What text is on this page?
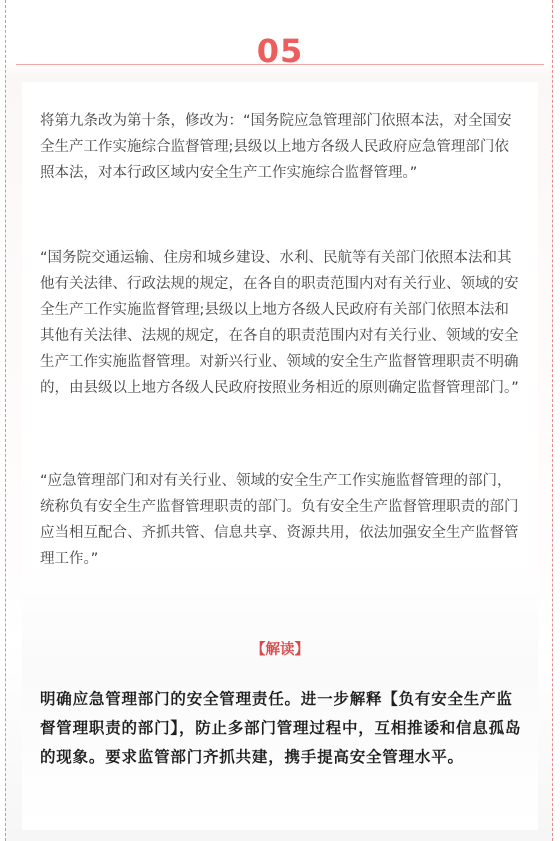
05

将第九条改为第十条，修改为：“国务院应急管理部门依照本法，对全国安全生产工作实施综合监督管理;县级以上地方各级人民政府应急管理部门依照本法，对本行政区域内安全生产工作实施综合监督管理。”

“国务院交通运输、住房和城乡建设、水利、民航等有关部门依照本法和其他有关法律、行政法规的规定，在各自的职责范围内对有关行业、领域的安全生产工作实施监督管理;县级以上地方各级人民政府有关部门依照本法和其他有关法律、法规的规定，在各自的职责范围内对有关行业、领域的安全生产工作实施监督管理。对新兴行业、领域的安全生产监督管理职责不明确的，由县级以上地方各级人民政府按照业务相近的原则确定监督管理部门。”

“应急管理部门和对有关行业、领域的安全生产工作实施监督管理的部门，统称负有安全生产监督管理职责的部门。负有安全生产监督管理职责的部门应当相互配合、齐抓共管、信息共享、资源共用，依法加强安全生产监督管理工作。”

【解读】

明确应急管理部门的安全管理责任。进一步解释【负有安全生产监督管理职责的部门】，防止多部门管理过程中，互相推诿和信息孤岛的现象。要求监管部门齐抓共建，携手提高安全管理水平。
